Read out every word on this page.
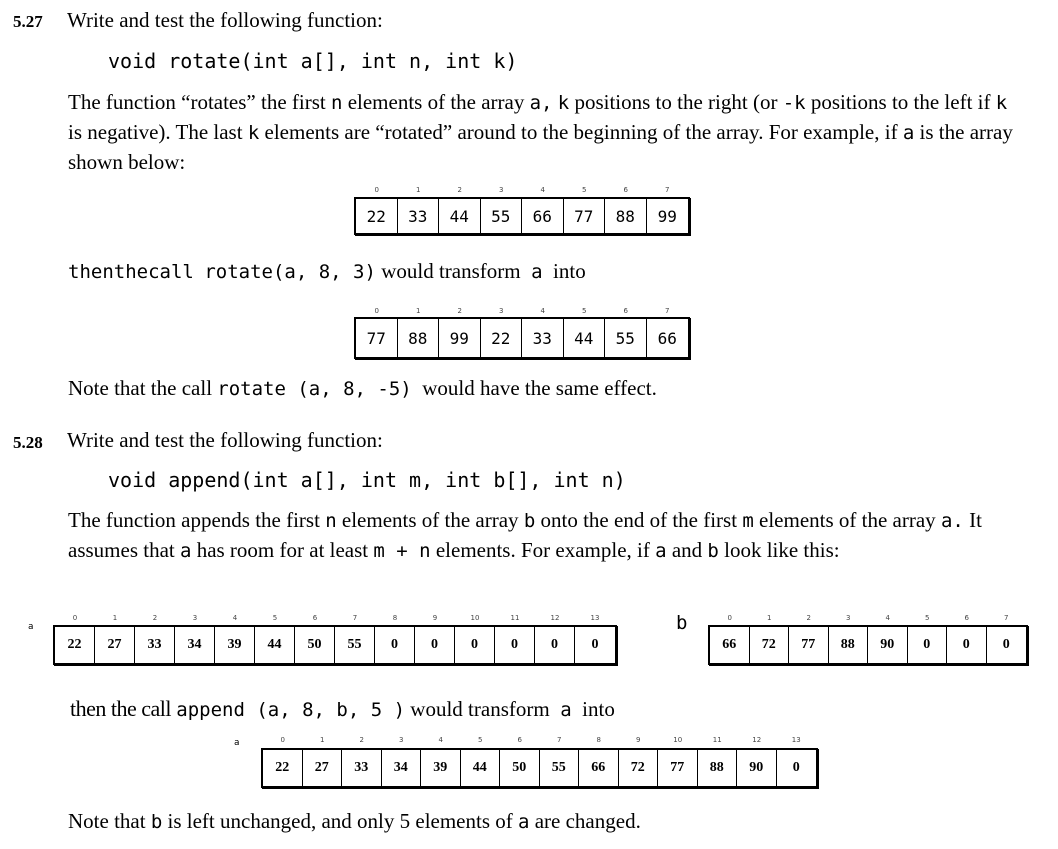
5.27 Write and test the following function:
void rotate(int a[], int n, int k)
The function “rotates” the first n elements of the array a, k positions to the right (or -k positions to the left if k is negative). The last k elements are “rotated” around to the beginning of the array. For example, if a is the array shown below:
0	1	2	3	4	5	6	7
22	33	44	55	66	77	88	99
thenthecall rotate(a, 8, 3) would transform a into
0	1	2	3	4	5	6	7
77	88	99	22	33	44	55	66
Note that the call rotate (a, 8, -5) would have the same effect.
5.28 Write and test the following function:
void append(int a[], int m, int b[], int n)
The function appends the first n elements of the array b onto the end of the first m elements of the array a. It assumes that a has room for at least m + n elements. For example, if a and b look like this:
a
0	1	2	3	4	5	6	7	8	9	10	11	12	13
22	27	33	34	39	44	50	55	0	0	0	0	0	0
b	0	1	2	3	4	5	6	7
66	72	77	88	90	0	0	0
then the call append (a, 8, b, 5 ) would transform a into
a	0	1	2	3	4	5	6	7	8	9	10	11	12	13
22	27	33	34	39	44	50	55	66	72	77	88	90	0
Note that b is left unchanged, and only 5 elements of a are changed.
